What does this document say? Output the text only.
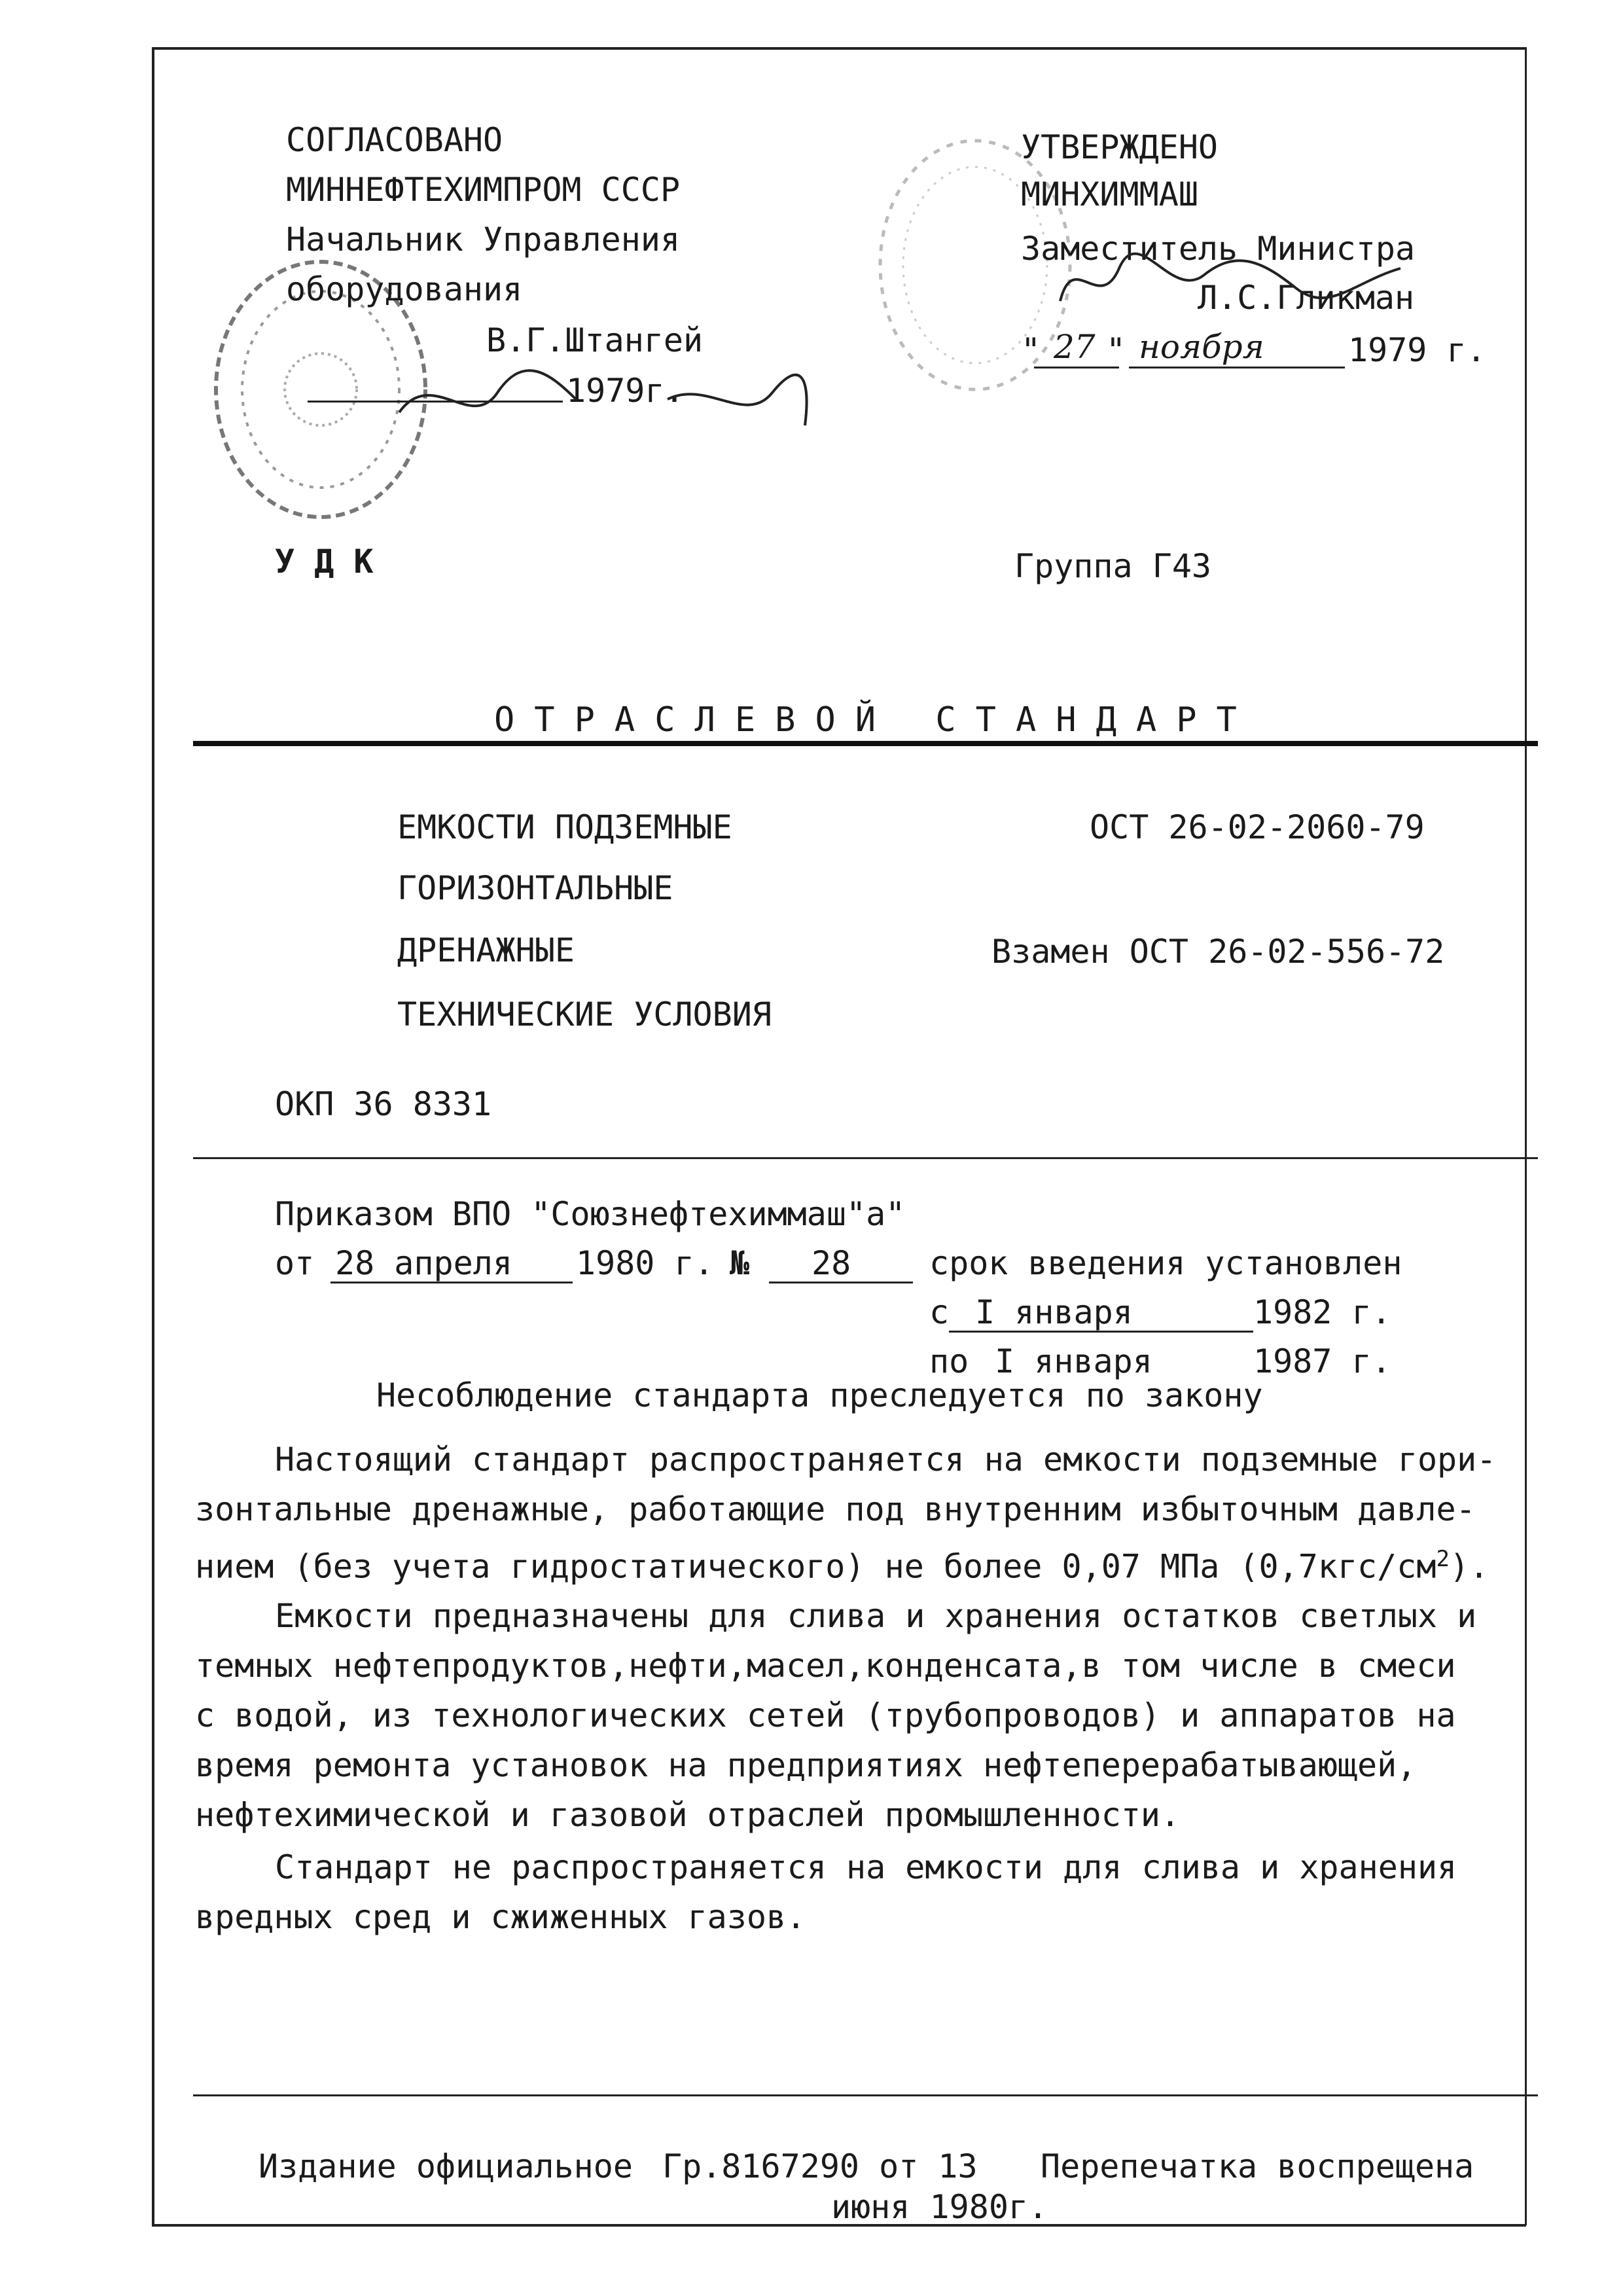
СОГЛАСОВАНО
МИННЕФТЕХИМПРОМ СССР
Начальник Управления
оборудования
В.Г.Штангей
1979г.
УТВЕРЖДЕНО
МИНХИММАШ
Заместитель Министра
Л.С.Гликман
" 27 " ноября	1979 г.
У Д К	Группа Г43
ОТРАСЛЕВОЙ СТАНДАРТ
ЕМКОСТИ ПОДЗЕМНЫЕ
ГОРИЗОНТАЛЬНЫЕ
ДРЕНАЖНЫЕ
ТЕХНИЧЕСКИЕ УСЛОВИЯ
ОСТ 26-02-2060-79
Взамен ОСТ 26-02-556-72
ОКП 36 8331
Приказом ВПО "Союзнефтехиммаш"а"
от 28 апреля 1980 г. № 28 срок введения установлен
с I января	1982 г.
по I января	1987 г.
Несоблюдение стандарта преследуется по закону
Настоящий стандарт распространяется на емкости подземные гори-
зонтальные дренажные, работающие под внутренним избыточным давле-
нием (без учета гидростатического) не более 0,07 МПа $(0,7кгс/см^2)$.
Емкости предназначены для слива и хранения остатков светлых и
темных нефтепродуктов,нефти,масел,конденсата,в том числе в смеси
с водой, из технологических сетей (трубопроводов) и аппаратов на
время ремонта установок на предприятиях нефтеперерабатывающей,
нефтехимической и газовой отраслей промышленности.
Стандарт не распространяется на емкости для слива и хранения
вредных сред и сжиженных газов.
Издание официальное Гр.8167290 от 13 Перепечатка воспрещена
июня 1980г.
